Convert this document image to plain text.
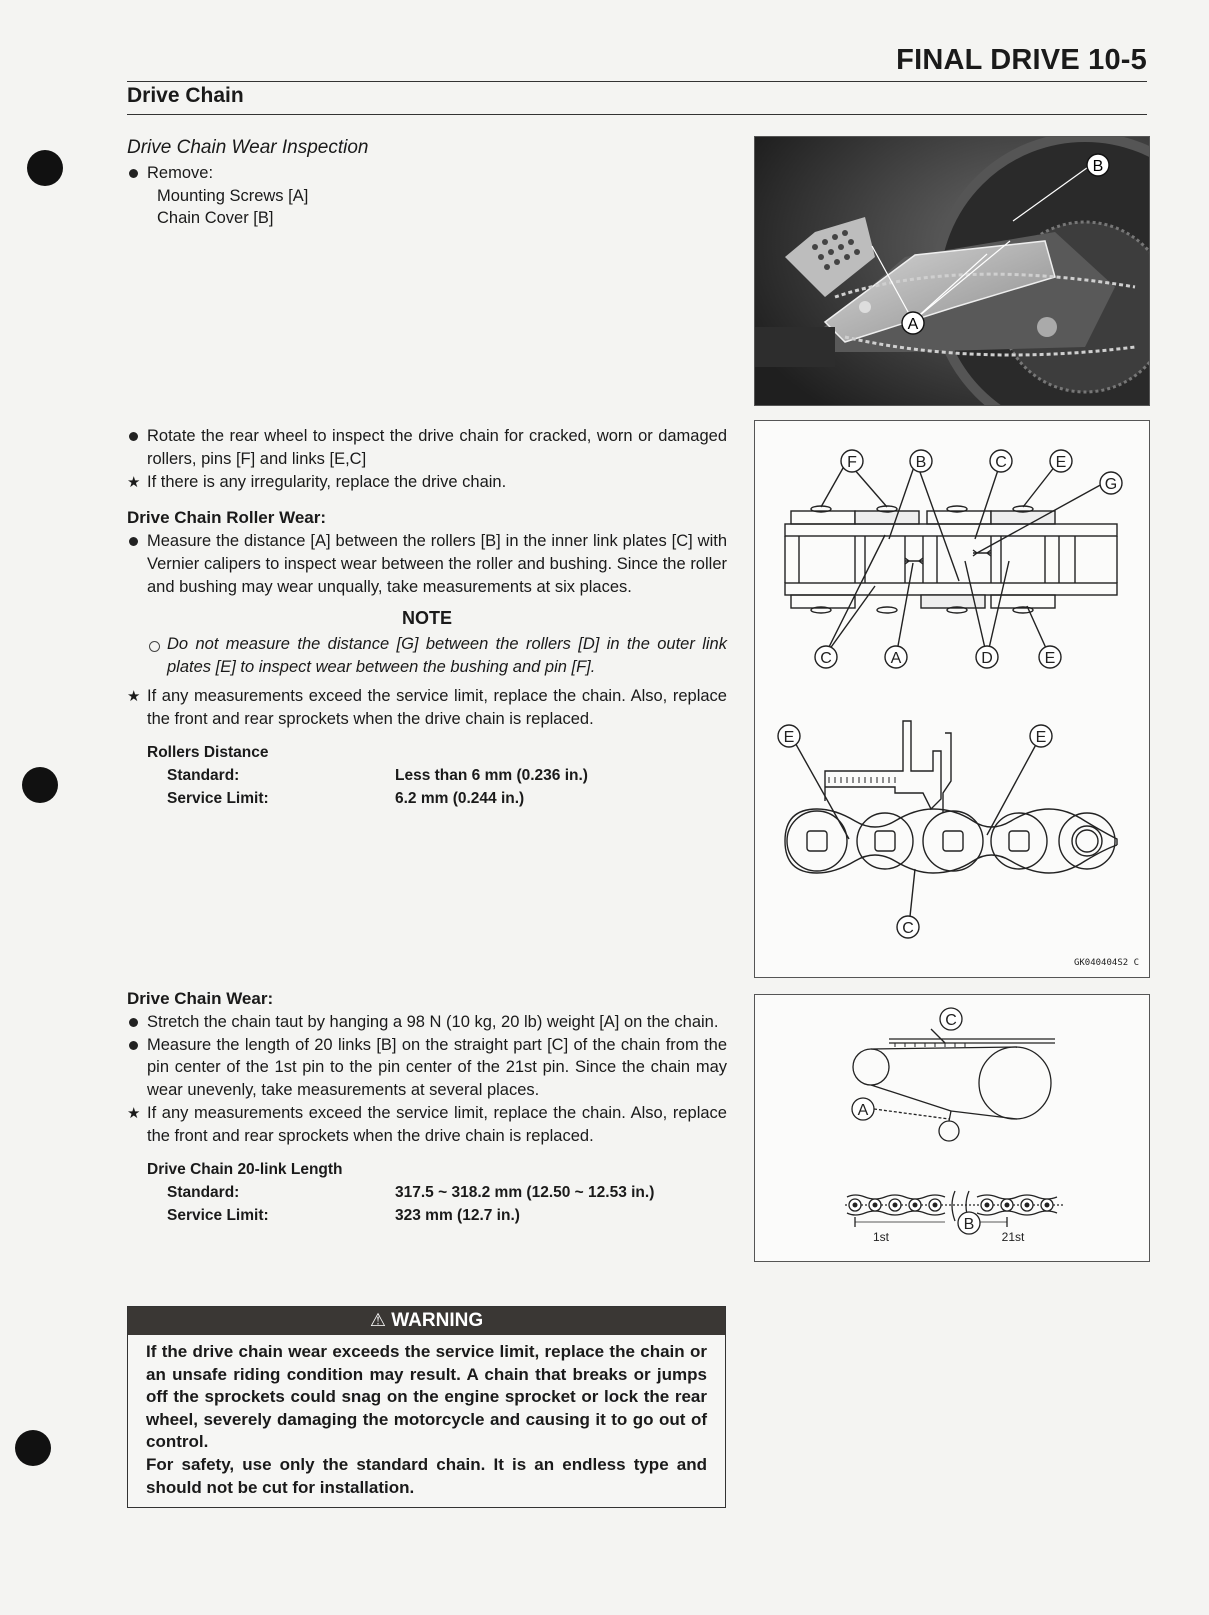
FINAL DRIVE 10-5
Drive Chain
Drive Chain Wear Inspection
Remove:
Mounting Screws [A]
Chain Cover [B]
Rotate the rear wheel to inspect the drive chain for cracked, worn or damaged rollers, pins [F] and links [E,C]
★ If there is any irregularity, replace the drive chain.
Drive Chain Roller Wear:
Measure the distance [A] between the rollers [B] in the inner link plates [C] with Vernier calipers to inspect wear between the roller and bushing. Since the roller and bushing may wear unqually, take measurements at six places.
NOTE
Do not measure the distance [G] between the rollers [D] in the outer link plates [E] to inspect wear between the bushing and pin [F].
★ If any measurements exceed the service limit, replace the chain. Also, replace the front and rear sprockets when the drive chain is replaced.
Rollers Distance
Standard:	Less than 6 mm (0.236 in.)
Service Limit:	6.2 mm (0.244 in.)
Drive Chain Wear:
Stretch the chain taut by hanging a 98 N (10 kg, 20 lb) weight [A] on the chain.
Measure the length of 20 links [B] on the straight part [C] of the chain from the pin center of the 1st pin to the pin center of the 21st pin. Since the chain may wear unevenly, take measurements at several places.
★ If any measurements exceed the service limit, replace the chain. Also, replace the front and rear sprockets when the drive chain is replaced.
Drive Chain 20-link Length
Standard:	317.5 ~ 318.2 mm (12.50 ~ 12.53 in.)
Service Limit:	323 mm (12.7 in.)
⚠ WARNING
If the drive chain wear exceeds the service limit, replace the chain or an unsafe riding condition may result. A chain that breaks or jumps off the sprockets could snag on the engine sprocket or lock the rear wheel, severely damaging the motorcycle and causing it to go out of control.
For safety, use only the standard chain. It is an endless type and should not be cut for installation.
A
B
F	B	C	E
G
C	A	D	E
E	E
C
GK040404S2 C
C
A
B
1st	21st
